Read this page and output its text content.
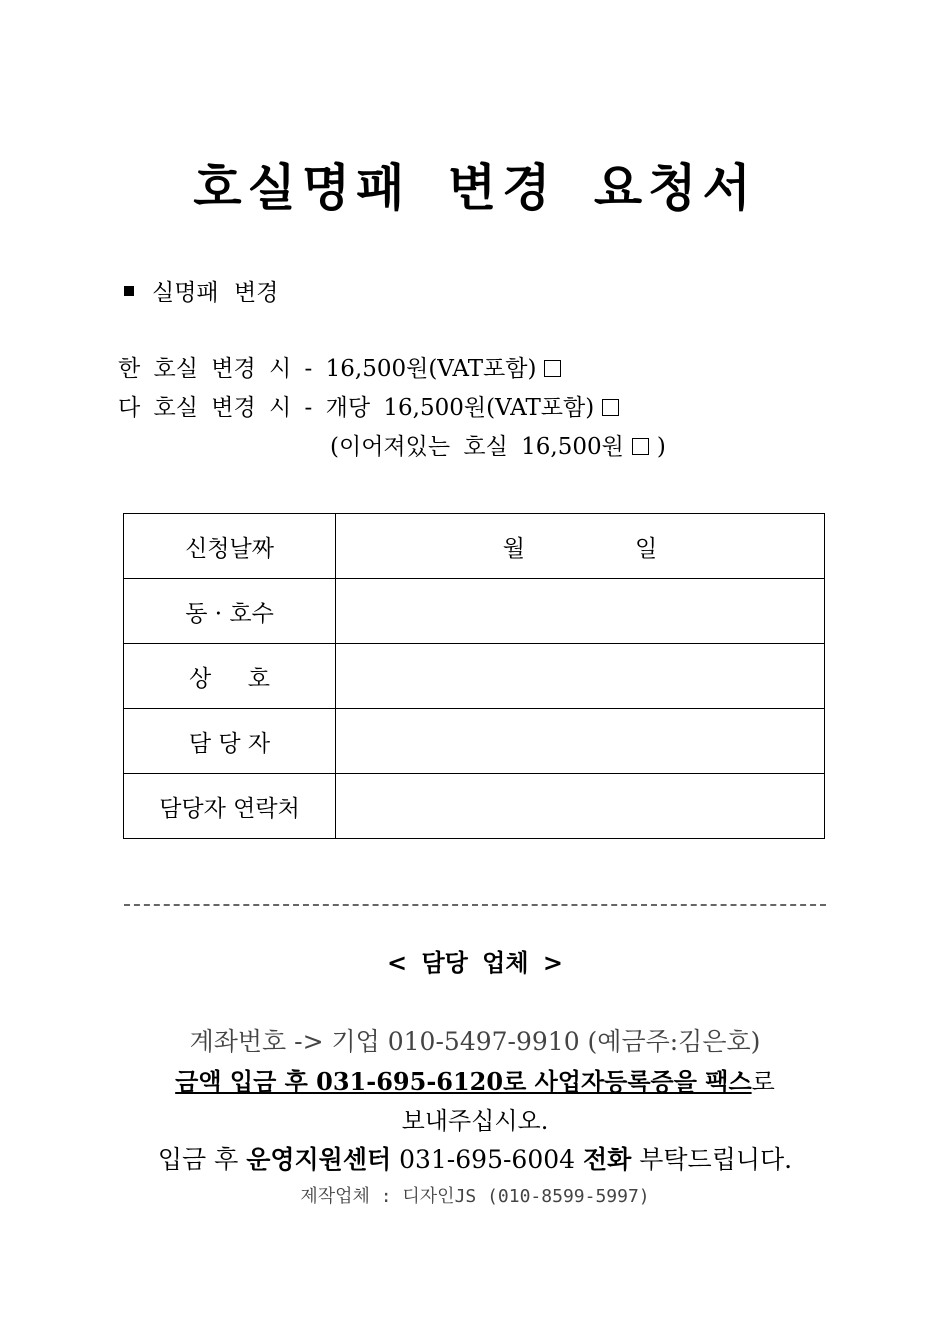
호실명패 변경 요청서
실명패 변경
한 호실 변경 시 - 16,500원(VAT포함)
다 호실 변경 시 - 개당 16,500원(VAT포함)
(이어져있는 호실 16,500원 )
신청날짜	월 일
동 · 호수	
상     호	
담 당 자	
담당자 연락처	
< 담당 업체 >
계좌번호 -> 기업 010-5497-9910 (예금주:김은호)
금액 입금 후 031-695-6120로 사업자등록증을 팩스로
보내주십시오.
입금 후 운영지원센터 031-695-6004 전화 부탁드립니다.
제작업체 : 디자인JS (010-8599-5997)
